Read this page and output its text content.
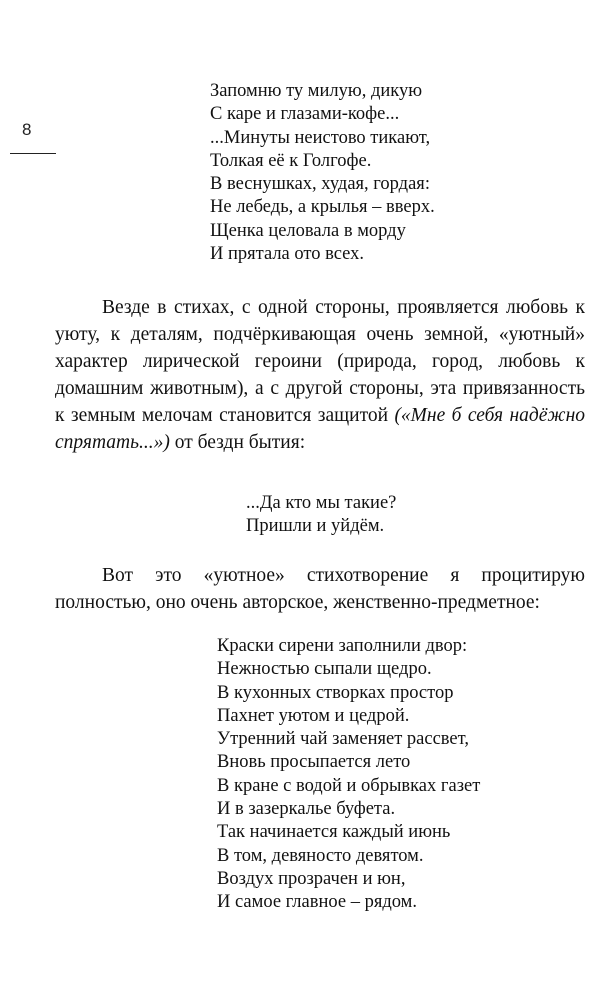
8
Запомню ту милую, дикую
С каре и глазами-кофе...
...Минуты неистово тикают,
Толкая её к Голгофе.
В веснушках, худая, гордая:
Не лебедь, а крылья – вверх.
Щенка целовала в морду
И прятала ото всех.

Везде в стихах, с одной стороны, проявляется любовь к уюту, к деталям, подчёркивающая очень земной, «уютный» характер лирической героини (природа, город, любовь к домашним животным), а с другой стороны, эта привязанность к земным мелочам становится защитой («Мне б себя надёжно спрятать...») от бездн бытия:

...Да кто мы такие?
Пришли и уйдём.

Вот это «уютное» стихотворение я процитирую полностью, оно очень авторское, женственно-предметное:

Краски сирени заполнили двор:
Нежностью сыпали щедро.
В кухонных створках простор
Пахнет уютом и цедрой.
Утренний чай заменяет рассвет,
Вновь просыпается лето
В кране с водой и обрывках газет
И в зазеркалье буфета.
Так начинается каждый июнь
В том, девяносто девятом.
Воздух прозрачен и юн,
И самое главное – рядом.
